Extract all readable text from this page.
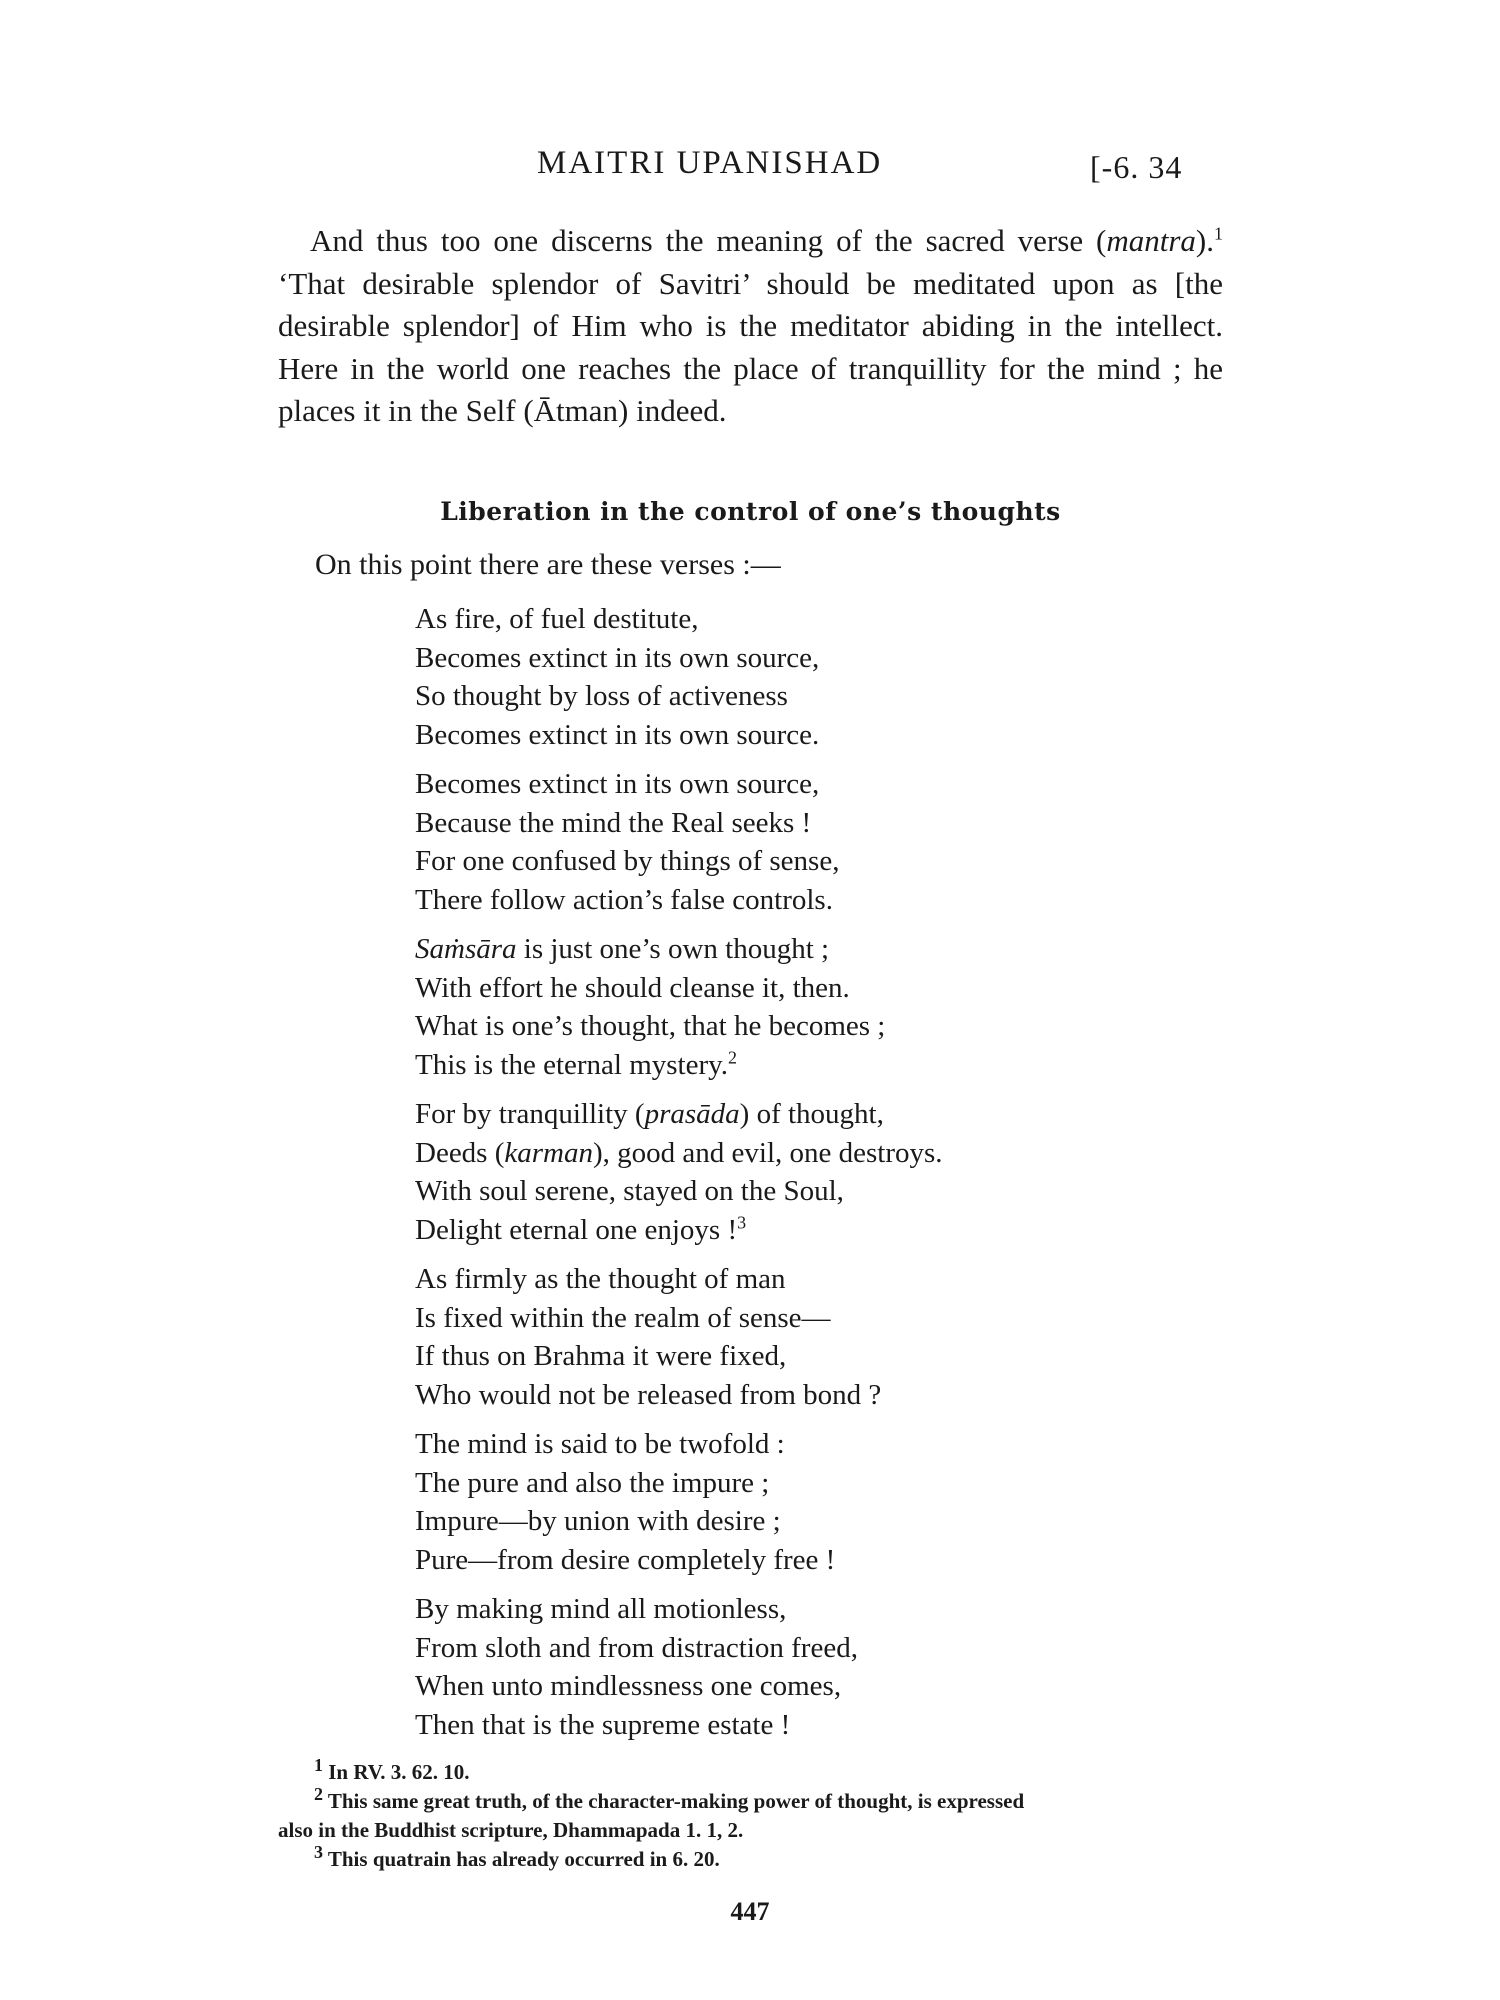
MAITRI UPANISHAD	[-6. 34

And thus too one discerns the meaning of the sacred verse (mantra).$^1$ ‘That desirable splendor of Savitri’ should be meditated upon as [the desirable splendor] of Him who is the meditator abiding in the intellect. Here in the world one reaches the place of tranquillity for the mind ; he places it in the Self (Ātman) indeed.

Liberation in the control of one’s thoughts
On this point there are these verses :—
As fire, of fuel destitute,
Becomes extinct in its own source,
So thought by loss of activeness
Becomes extinct in its own source.
Becomes extinct in its own source,
Because the mind the Real seeks !
For one confused by things of sense,
There follow action’s false controls.
Saṁsāra is just one’s own thought ;
With effort he should cleanse it, then.
What is one’s thought, that he becomes ;
This is the eternal mystery.$^2$
For by tranquillity (prasāda) of thought,
Deeds (karman), good and evil, one destroys.
With soul serene, stayed on the Soul,
Delight eternal one enjoys !$^3$
As firmly as the thought of man
Is fixed within the realm of sense—
If thus on Brahma it were fixed,
Who would not be released from bond ?
The mind is said to be twofold :
The pure and also the impure ;
Impure—by union with desire ;
Pure—from desire completely free !
By making mind all motionless,
From sloth and from distraction freed,
When unto mindlessness one comes,
Then that is the supreme estate !
$^1$ In RV. 3. 62. 10.
$^2$ This same great truth, of the character-making power of thought, is expressed
also in the Buddhist scripture, Dhammapada 1. 1, 2.
$^3$ This quatrain has already occurred in 6. 20.
447
